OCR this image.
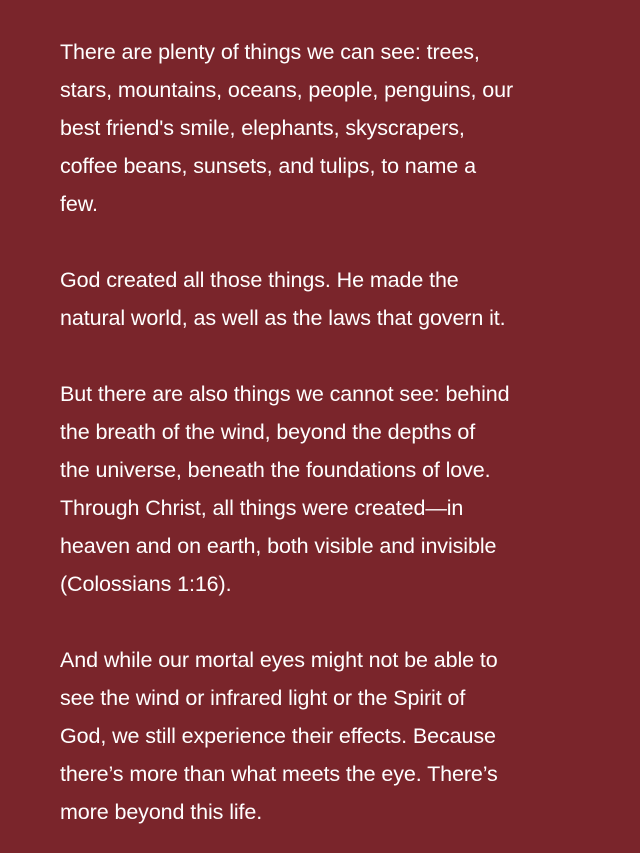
There are plenty of things we can see: trees,
stars, mountains, oceans, people, penguins, our
best friend's smile, elephants, skyscrapers,
coffee beans, sunsets, and tulips, to name a
few.

God created all those things. He made the
natural world, as well as the laws that govern it.

But there are also things we cannot see: behind
the breath of the wind, beyond the depths of
the universe, beneath the foundations of love.
Through Christ, all things were created—in
heaven and on earth, both visible and invisible
(Colossians 1:16).

And while our mortal eyes might not be able to
see the wind or infrared light or the Spirit of
God, we still experience their effects. Because
there’s more than what meets the eye. There’s
more beyond this life.
